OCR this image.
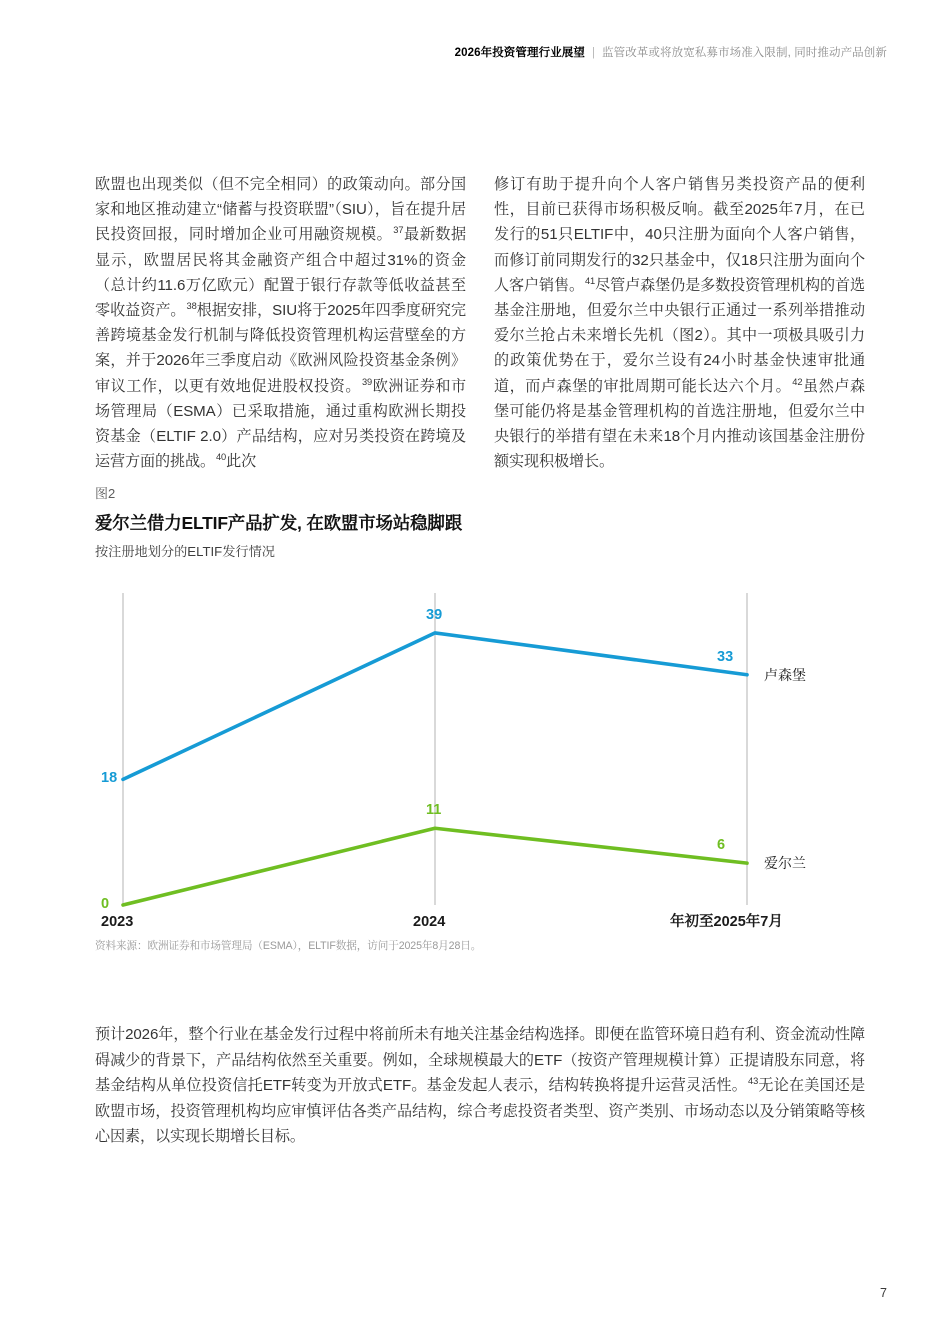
2026年投资管理行业展望 | 监管改革或将放宽私募市场准入限制, 同时推动产品创新

欧盟也出现类似（但不完全相同）的政策动向。部分国家和地区推动建立“储蓄与投资联盟”（SIU），旨在提升居民投资回报，同时增加企业可用融资规模。$^{37}$最新数据显示，欧盟居民将其金融资产组合中超过31%的资金（总计约11.6万亿欧元）配置于银行存款等低收益甚至零收益资产。$^{38}$根据安排，SIU将于2025年四季度研究完善跨境基金发行机制与降低投资管理机构运营壁垒的方案，并于2026年三季度启动《欧洲风险投资基金条例》审议工作，以更有效地促进股权投资。$^{39}$欧洲证券和市场管理局（ESMA）已采取措施，通过重构欧洲长期投资基金（ELTIF 2.0）产品结构，应对另类投资在跨境及运营方面的挑战。$^{40}$此次

修订有助于提升向个人客户销售另类投资产品的便利性，目前已获得市场积极反响。截至2025年7月，在已发行的51只ELTIF中，40只注册为面向个人客户销售，而修订前同期发行的32只基金中，仅18只注册为面向个人客户销售。$^{41}$尽管卢森堡仍是多数投资管理机构的首选基金注册地，但爱尔兰中央银行正通过一系列举措推动爱尔兰抢占未来增长先机（图2）。其中一项极具吸引力的政策优势在于，爱尔兰设有24小时基金快速审批通道，而卢森堡的审批周期可能长达六个月。$^{42}$虽然卢森堡可能仍将是基金管理机构的首选注册地，但爱尔兰中央银行的举措有望在未来18个月内推动该国基金注册份额实现积极增长。

图2
爱尔兰借力ELTIF产品扩发, 在欧盟市场站稳脚跟
按注册地划分的ELTIF发行情况
18
39
33
卢森堡
0
11
6
爱尔兰
2023	2024	年初至2025年7月
资料来源：欧洲证券和市场管理局（ESMA），ELTIF数据，访问于2025年8月28日。

预计2026年，整个行业在基金发行过程中将前所未有地关注基金结构选择。即便在监管环境日趋有利、资金流动性障碍减少的背景下，产品结构依然至关重要。例如，全球规模最大的ETF（按资产管理规模计算）正提请股东同意，将基金结构从单位投资信托ETF转变为开放式ETF。基金发起人表示，结构转换将提升运营灵活性。$^{43}$无论在美国还是欧盟市场，投资管理机构均应审慎评估各类产品结构，综合考虑投资者类型、资产类别、市场动态以及分销策略等核心因素，以实现长期增长目标。

7
